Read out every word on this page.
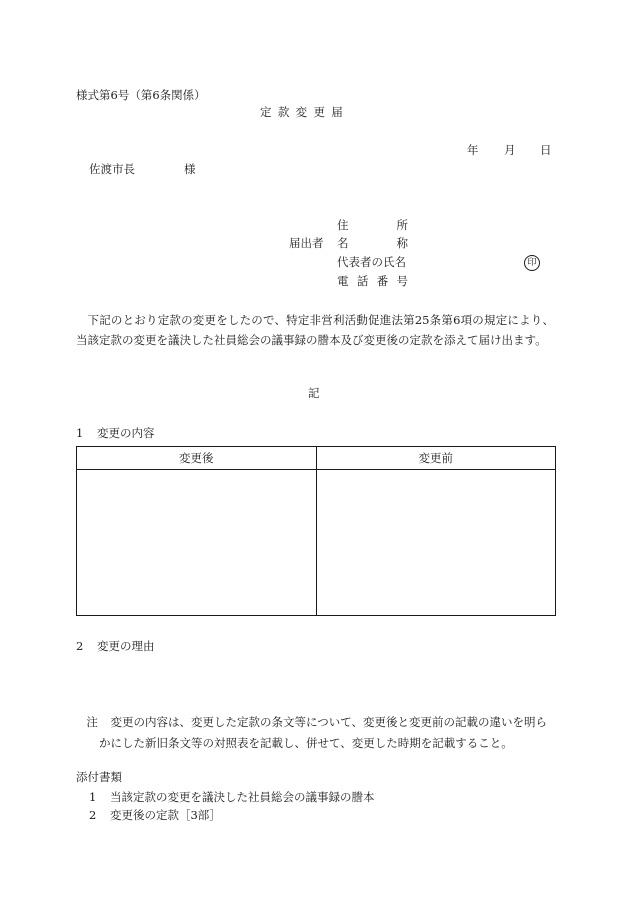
様式第6号（第6条関係）
定款変更届
年 月 日
佐渡市長	様
届出者
住所
名称
代表者の氏名	印
電話番号
下記のとおり定款の変更をしたので、特定非営利活動促進法第25条第6項の規定により、当該定款の変更を議決した社員総会の議事録の謄本及び変更後の定款を添えて届け出ます。
記
1 変更の内容
変更後	変更前

2 変更の理由
注 変更の内容は、変更した定款の条文等について、変更後と変更前の記載の違いを明らかにした新旧条文等の対照表を記載し、併せて、変更した時期を記載すること。
添付書類
1 当該定款の変更を議決した社員総会の議事録の謄本
2 変更後の定款［3部］
